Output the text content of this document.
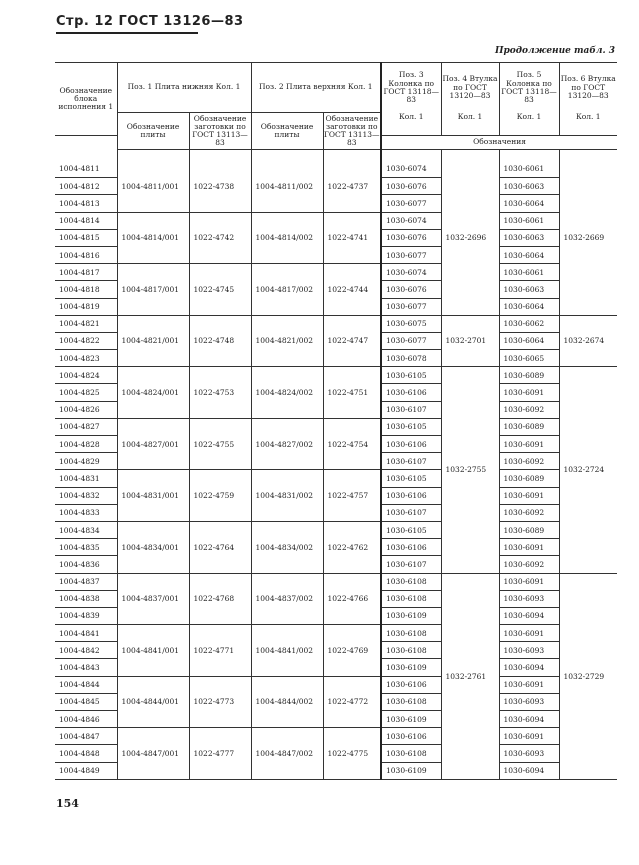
Стр. 12 ГОСТ 13126—83
Продолжение табл. 3
Обозначение блока исполнения 1	Поз. 1 Плита нижняя Кол. 1		Поз. 2 Плита верхняя Кол. 1		Поз. 3 Колонка по ГОСТ 13118—83	Поз. 4 Втулка по ГОСТ 13120—83	Поз. 5 Колонка по ГОСТ 13118—83	Поз. 6 Втулка по ГОСТ 13120—83
	Обозначение плиты	Обозначение заготовки по ГОСТ 13113—83	Обозначение плиты	Обозначение заготовки по ГОСТ 13113—83	Кол. 1	Кол. 1	Кол. 1	Кол. 1
					Обозначения			

1004-4811	1004-4811/001	1022-4738	1004-4811/002	1022-4737	1030-6074	1032-2696	1030-6061	1032-2669
1004-4812					1030-6076		1030-6063	
1004-4813					1030-6077		1030-6064	
1004-4814	1004-4814/001	1022-4742	1004-4814/002	1022-4741	1030-6074		1030-6061	
1004-4815					1030-6076		1030-6063	
1004-4816					1030-6077		1030-6064	
1004-4817	1004-4817/001	1022-4745	1004-4817/002	1022-4744	1030-6074		1030-6061	
1004-4818					1030-6076		1030-6063	
1004-4819					1030-6077		1030-6064	
1004-4821	1004-4821/001	1022-4748	1004-4821/002	1022-4747	1030-6075	1032-2701	1030-6062	1032-2674
1004-4822					1030-6077		1030-6064	
1004-4823					1030-6078		1030-6065	
1004-4824	1004-4824/001	1022-4753	1004-4824/002	1022-4751	1030-6105	1032-2755	1030-6089	1032-2724
1004-4825					1030-6106		1030-6091	
1004-4826					1030-6107		1030-6092	
1004-4827	1004-4827/001	1022-4755	1004-4827/002	1022-4754	1030-6105		1030-6089	
1004-4828					1030-6106		1030-6091	
1004-4829					1030-6107		1030-6092	
1004-4831	1004-4831/001	1022-4759	1004-4831/002	1022-4757	1030-6105		1030-6089	
1004-4832					1030-6106		1030-6091	
1004-4833					1030-6107		1030-6092	
1004-4834	1004-4834/001	1022-4764	1004-4834/002	1022-4762	1030-6105		1030-6089	
1004-4835					1030-6106		1030-6091	
1004-4836					1030-6107		1030-6092	
1004-4837	1004-4837/001	1022-4768	1004-4837/002	1022-4766	1030-6108	1032-2761	1030-6091	1032-2729
1004-4838					1030-6108		1030-6093	
1004-4839					1030-6109		1030-6094	
1004-4841	1004-4841/001	1022-4771	1004-4841/002	1022-4769	1030-6108		1030-6091	
1004-4842					1030-6108		1030-6093	
1004-4843					1030-6109		1030-6094	
1004-4844	1004-4844/001	1022-4773	1004-4844/002	1022-4772	1030-6106		1030-6091	
1004-4845					1030-6108		1030-6093	
1004-4846					1030-6109		1030-6094	
1004-4847	1004-4847/001	1022-4777	1004-4847/002	1022-4775	1030-6106		1030-6091	
1004-4848					1030-6108		1030-6093	
1004-4849					1030-6109		1030-6094	
154
